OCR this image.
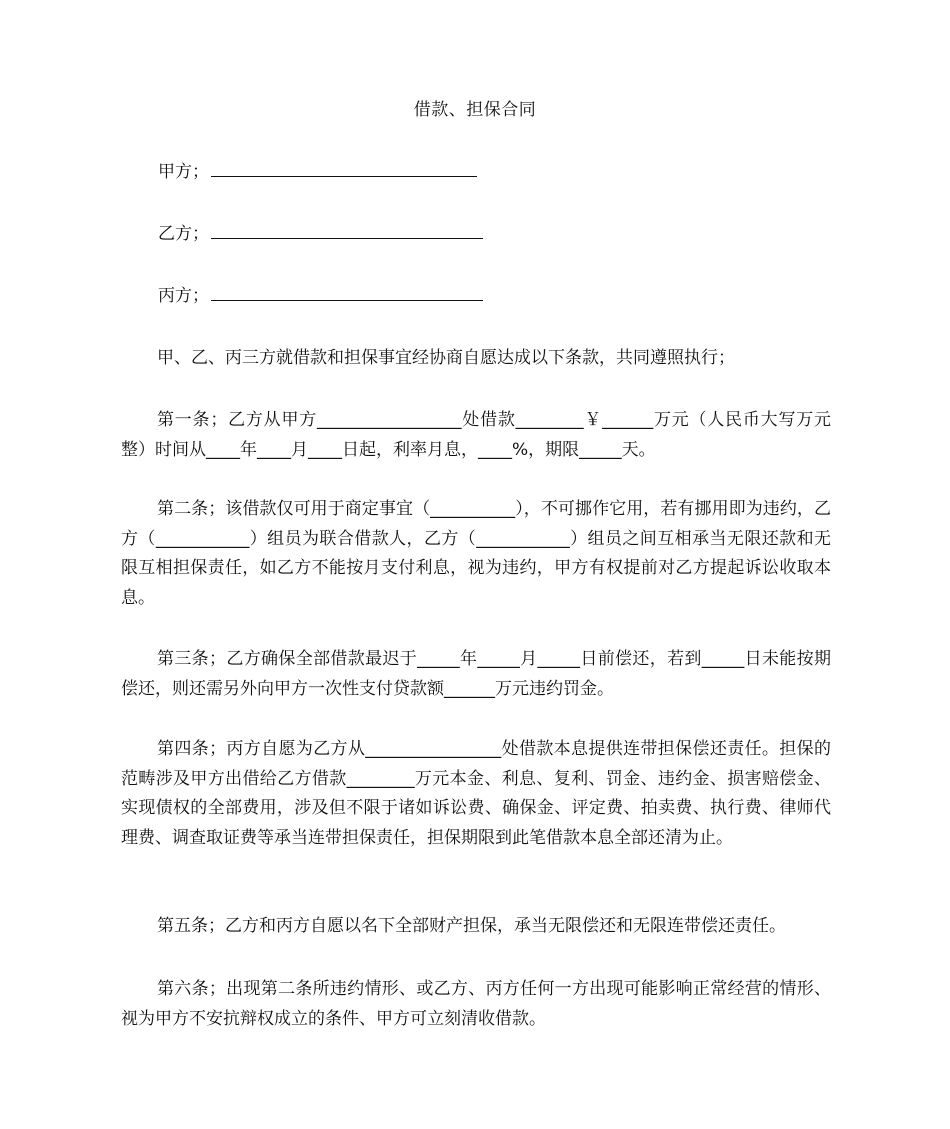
借款、担保合同
甲方；
乙方；
丙方；

甲、乙、丙三方就借款和担保事宜经协商自愿达成以下条款，共同遵照执行；

第一条；乙方从甲方_________________处借款________￥______万元（人民币大写万元整）时间从____年____月____日起，利率月息，____%，期限_____天。

第二条；该借款仅可用于商定事宜（__________），不可挪作它用，若有挪用即为违约，乙方（___________）组员为联合借款人，乙方（___________）组员之间互相承当无限还款和无限互相担保责任，如乙方不能按月支付利息，视为违约，甲方有权提前对乙方提起诉讼收取本息。

第三条；乙方确保全部借款最迟于_____年_____月_____日前偿还，若到_____日未能按期偿还，则还需另外向甲方一次性支付贷款额______万元违约罚金。

第四条；丙方自愿为乙方从________________处借款本息提供连带担保偿还责任。担保的范畴涉及甲方出借给乙方借款________万元本金、利息、复利、罚金、违约金、损害赔偿金、实现债权的全部费用，涉及但不限于诸如诉讼费、确保金、评定费、拍卖费、执行费、律师代理费、调查取证费等承当连带担保责任，担保期限到此笔借款本息全部还清为止。

第五条；乙方和丙方自愿以名下全部财产担保，承当无限偿还和无限连带偿还责任。

第六条；出现第二条所违约情形、或乙方、丙方任何一方出现可能影响正常经营的情形、视为甲方不安抗辩权成立的条件、甲方可立刻清收借款。
